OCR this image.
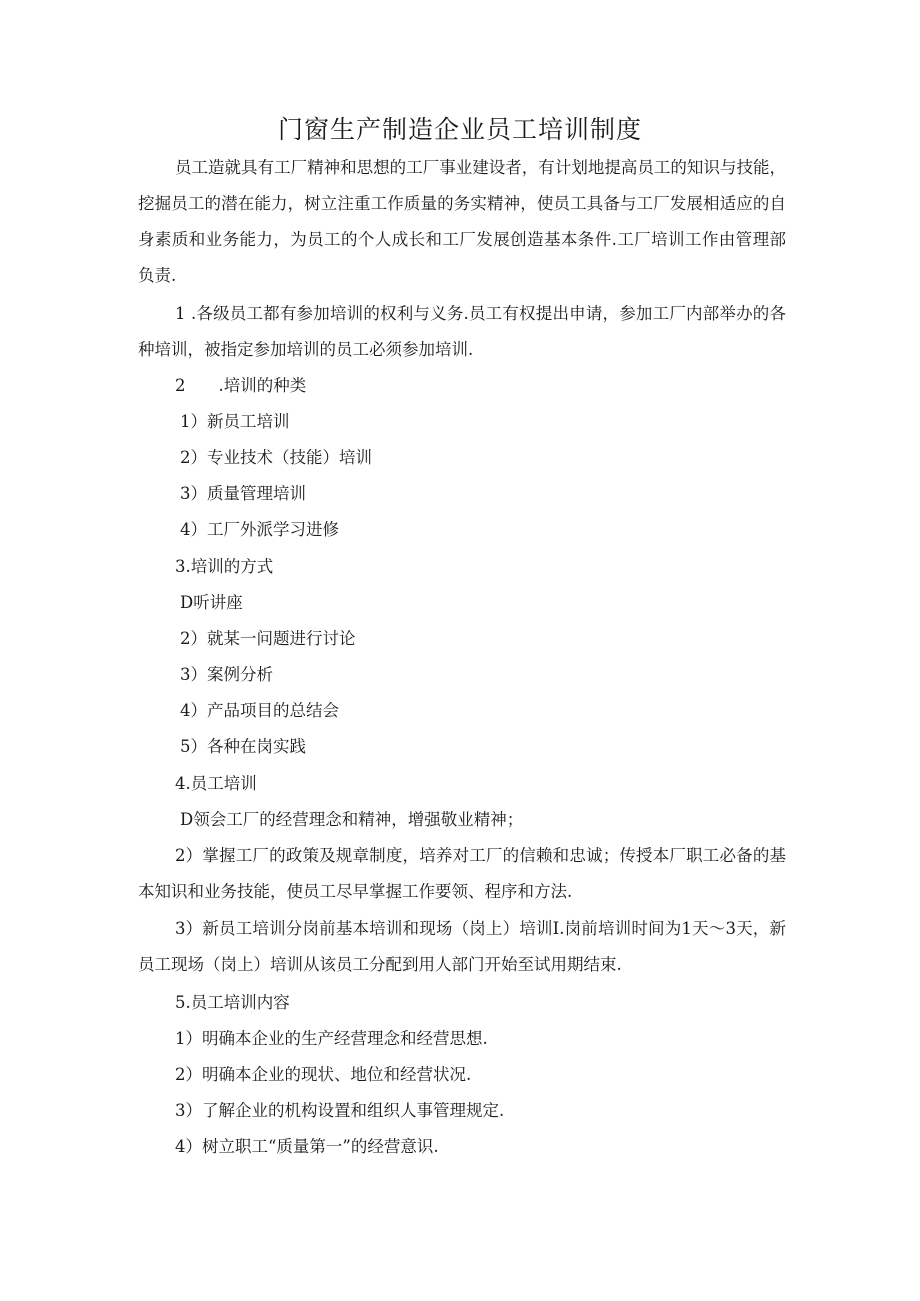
门窗生产制造企业员工培训制度

员工造就具有工厂精神和思想的工厂事业建设者，有计划地提高员工的知识与技能，挖掘员工的潜在能力，树立注重工作质量的务实精神，使员工具备与工厂发展相适应的自身素质和业务能力，为员工的个人成长和工厂发展创造基本条件.工厂培训工作由管理部负责.

1 .各级员工都有参加培训的权利与义务.员工有权提出申请，参加工厂内部举办的各种培训，被指定参加培训的员工必须参加培训.

2　　.培训的种类

1）新员工培训

2）专业技术（技能）培训

3）质量管理培训

4）工厂外派学习进修

3.培训的方式

D听讲座

2）就某一问题进行讨论

3）案例分析

4）产品项目的总结会

5）各种在岗实践

4.员工培训

D领会工厂的经营理念和精神，增强敬业精神；

2）掌握工厂的政策及规章制度，培养对工厂的信赖和忠诚；传授本厂职工必备的基本知识和业务技能，使员工尽早掌握工作要领、程序和方法.

3）新员工培训分岗前基本培训和现场（岗上）培训I.岗前培训时间为1天～3天，新员工现场（岗上）培训从该员工分配到用人部门开始至试用期结束.

5.员工培训内容

1）明确本企业的生产经营理念和经营思想.

2）明确本企业的现状、地位和经营状况.

3）了解企业的机构设置和组织人事管理规定.

4）树立职工“质量第一”的经营意识.
